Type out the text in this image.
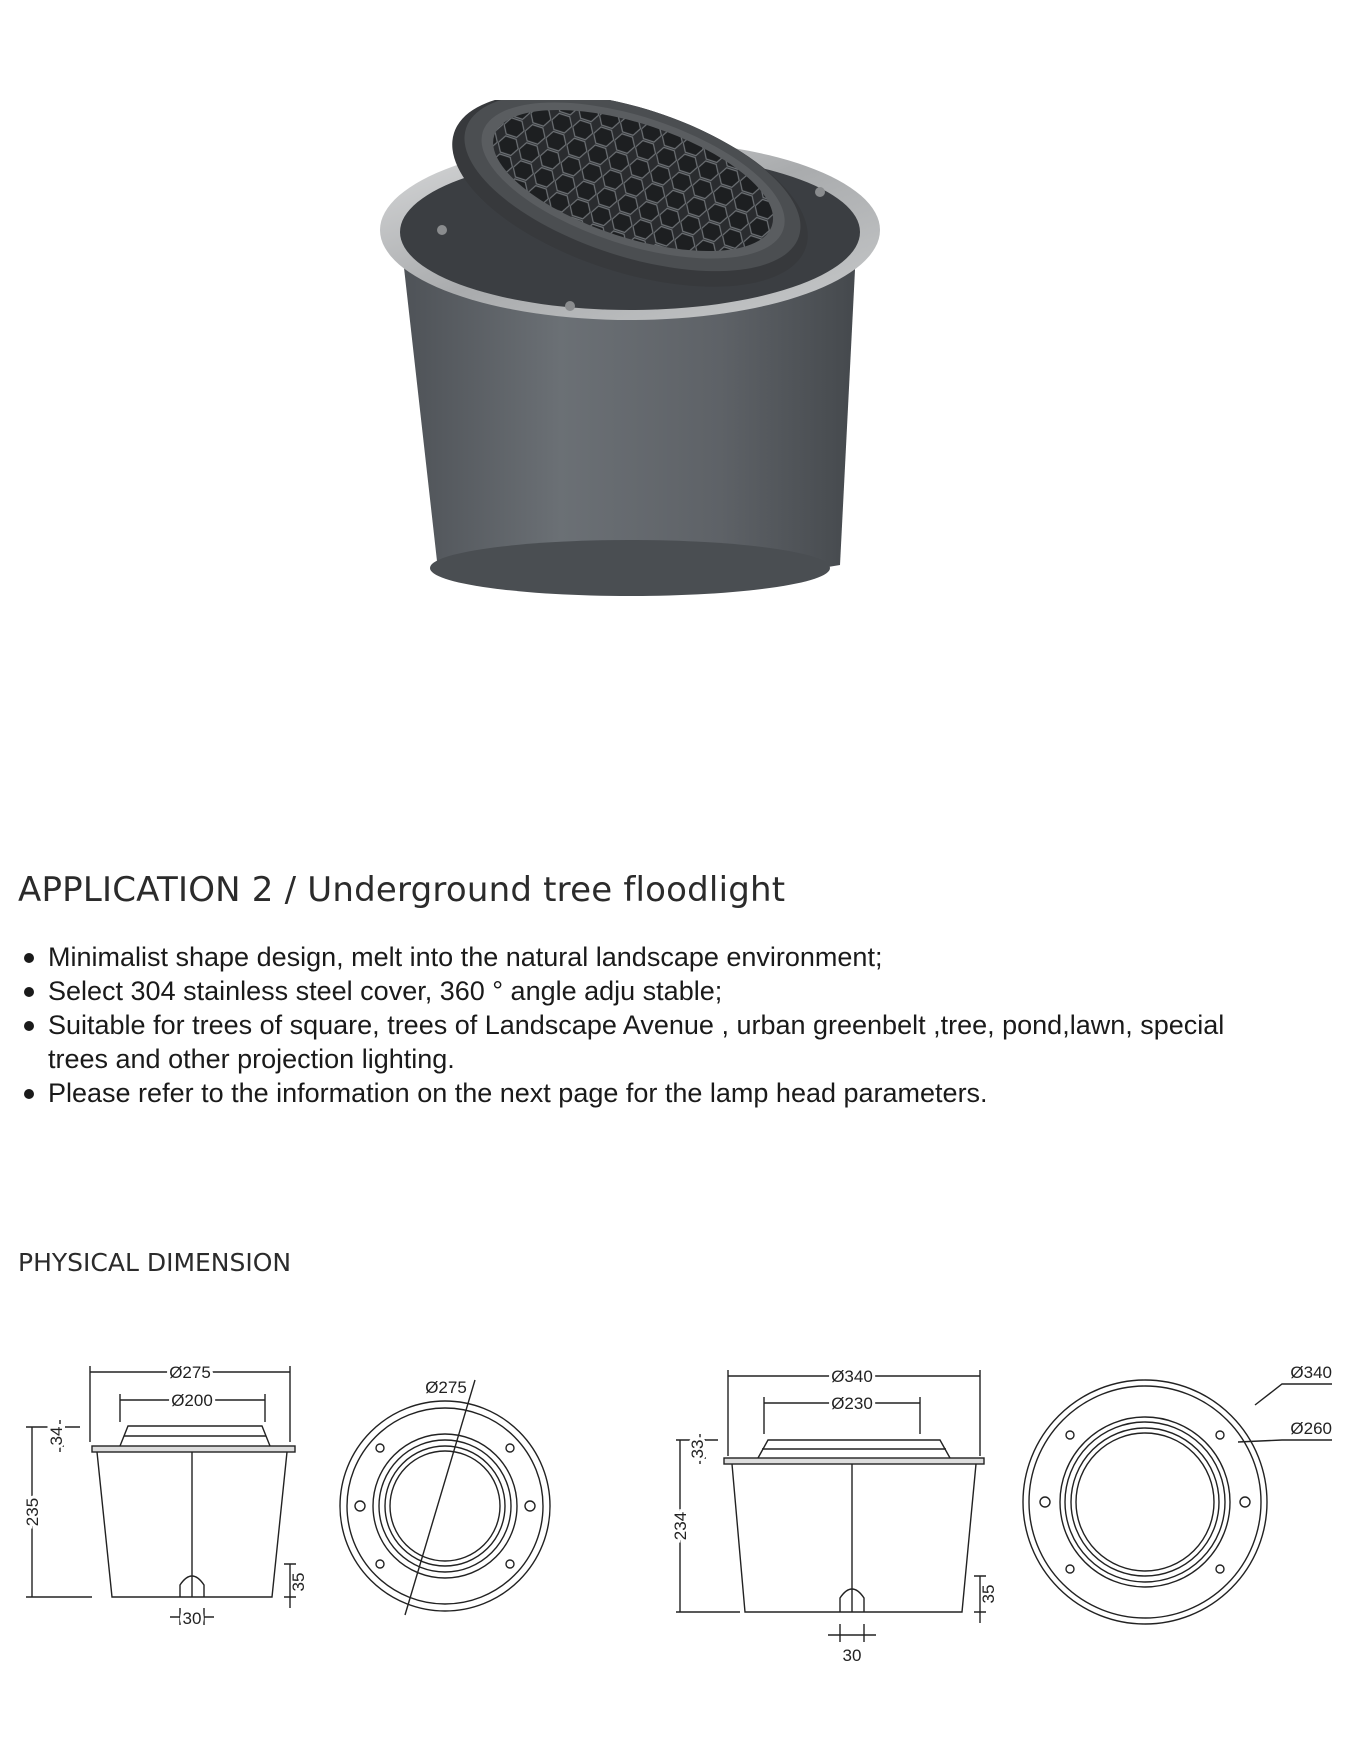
APPLICATION 2 / Underground tree floodlight
Minimalist shape design, melt into the natural landscape environment;
Select 304 stainless steel cover, 360 ° angle adju stable;
Suitable for trees of square, trees of Landscape Avenue , urban greenbelt ,tree, pond,lawn, special trees and other projection lighting.
Please refer to the information on the next page for the lamp head parameters.
PHYSICAL DIMENSION
Ø275
Ø200
235
34
35
30
Ø275
Ø340
Ø230
234
33
35
30
Ø340
Ø260
